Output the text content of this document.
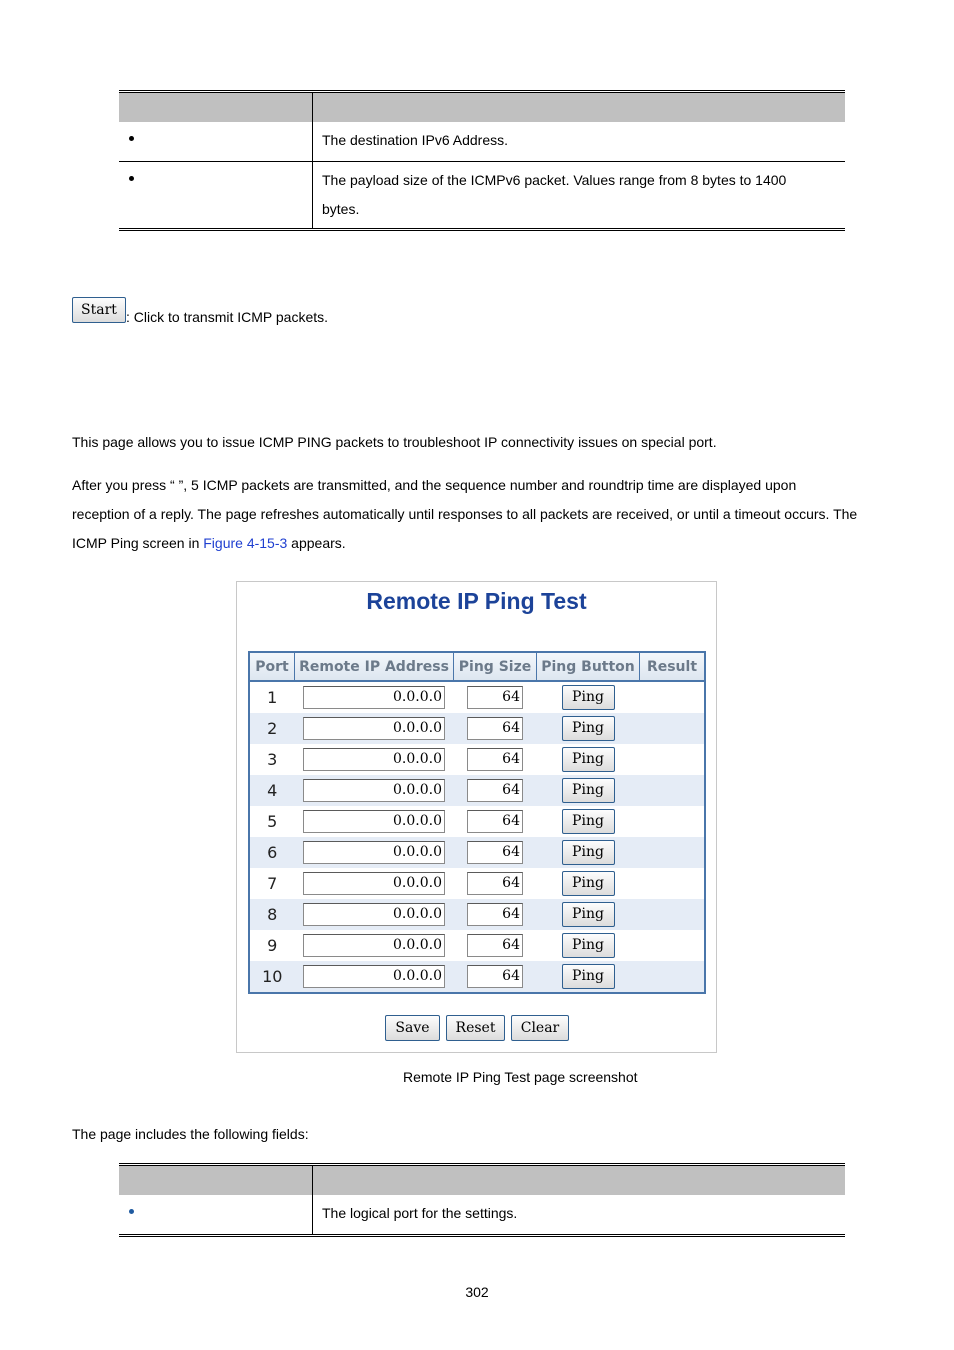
	The destination IPv6 Address.

	The payload size of the ICMPv6 packet. Values range from 8 bytes to 1400
bytes.
Start : Click to transmit ICMP packets.
This page allows you to issue ICMP PING packets to troubleshoot IP connectivity issues on special port.
After you press “ ”, 5 ICMP packets are transmitted, and the sequence number and roundtrip time are displayed upon
reception of a reply. The page refreshes automatically until responses to all packets are received, or until a timeout occurs. The
ICMP Ping screen in Figure 4-15-3 appears.
Remote IP Ping Test
Port	Remote IP Address	Ping Size	Ping Button	Result
1	0.0.0.0	64	Ping	
2	0.0.0.0	64	Ping	
3	0.0.0.0	64	Ping	
4	0.0.0.0	64	Ping	
5	0.0.0.0	64	Ping	
6	0.0.0.0	64	Ping	
7	0.0.0.0	64	Ping	
8	0.0.0.0	64	Ping	
9	0.0.0.0	64	Ping	
10	0.0.0.0	64	Ping	
Save	Reset	Clear
Remote IP Ping Test page screenshot
The page includes the following fields:

	The logical port for the settings.
302
